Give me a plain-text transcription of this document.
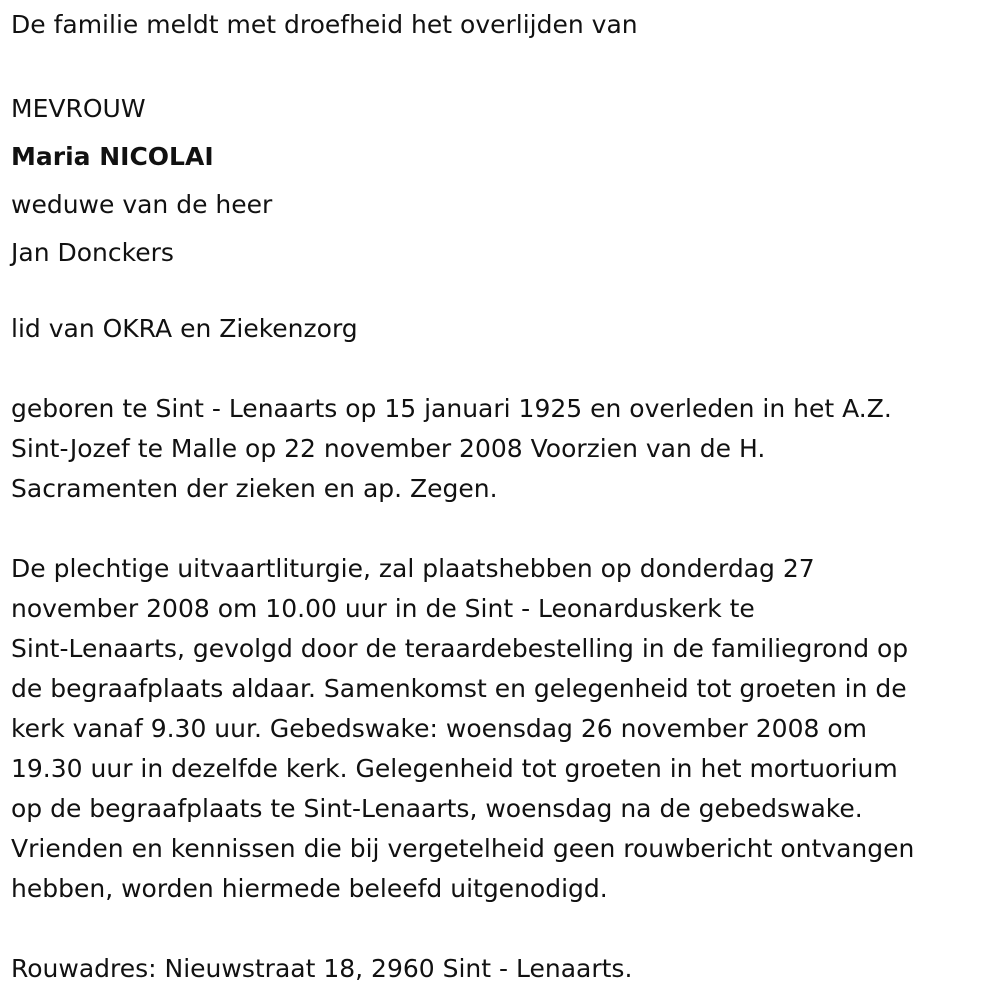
De familie meldt met droefheid het overlijden van

MEVROUW

Maria NICOLAI

weduwe van de heer

Jan Donckers

lid van OKRA en Ziekenzorg

geboren te Sint - Lenaarts op 15 januari 1925 en overleden in het A.Z.
Sint-Jozef te Malle op 22 november 2008 Voorzien van de H.
Sacramenten der zieken en ap. Zegen.

De plechtige uitvaartliturgie, zal plaatshebben op donderdag 27
november 2008 om 10.00 uur in de Sint - Leonarduskerk te
Sint-Lenaarts, gevolgd door de teraardebestelling in de familiegrond op
de begraafplaats aldaar. Samenkomst en gelegenheid tot groeten in de
kerk vanaf 9.30 uur. Gebedswake: woensdag 26 november 2008 om
19.30 uur in dezelfde kerk. Gelegenheid tot groeten in het mortuorium
op de begraafplaats te Sint-Lenaarts, woensdag na de gebedswake.
Vrienden en kennissen die bij vergetelheid geen rouwbericht ontvangen
hebben, worden hiermede beleefd uitgenodigd.

Rouwadres: Nieuwstraat 18, 2960 Sint - Lenaarts.
